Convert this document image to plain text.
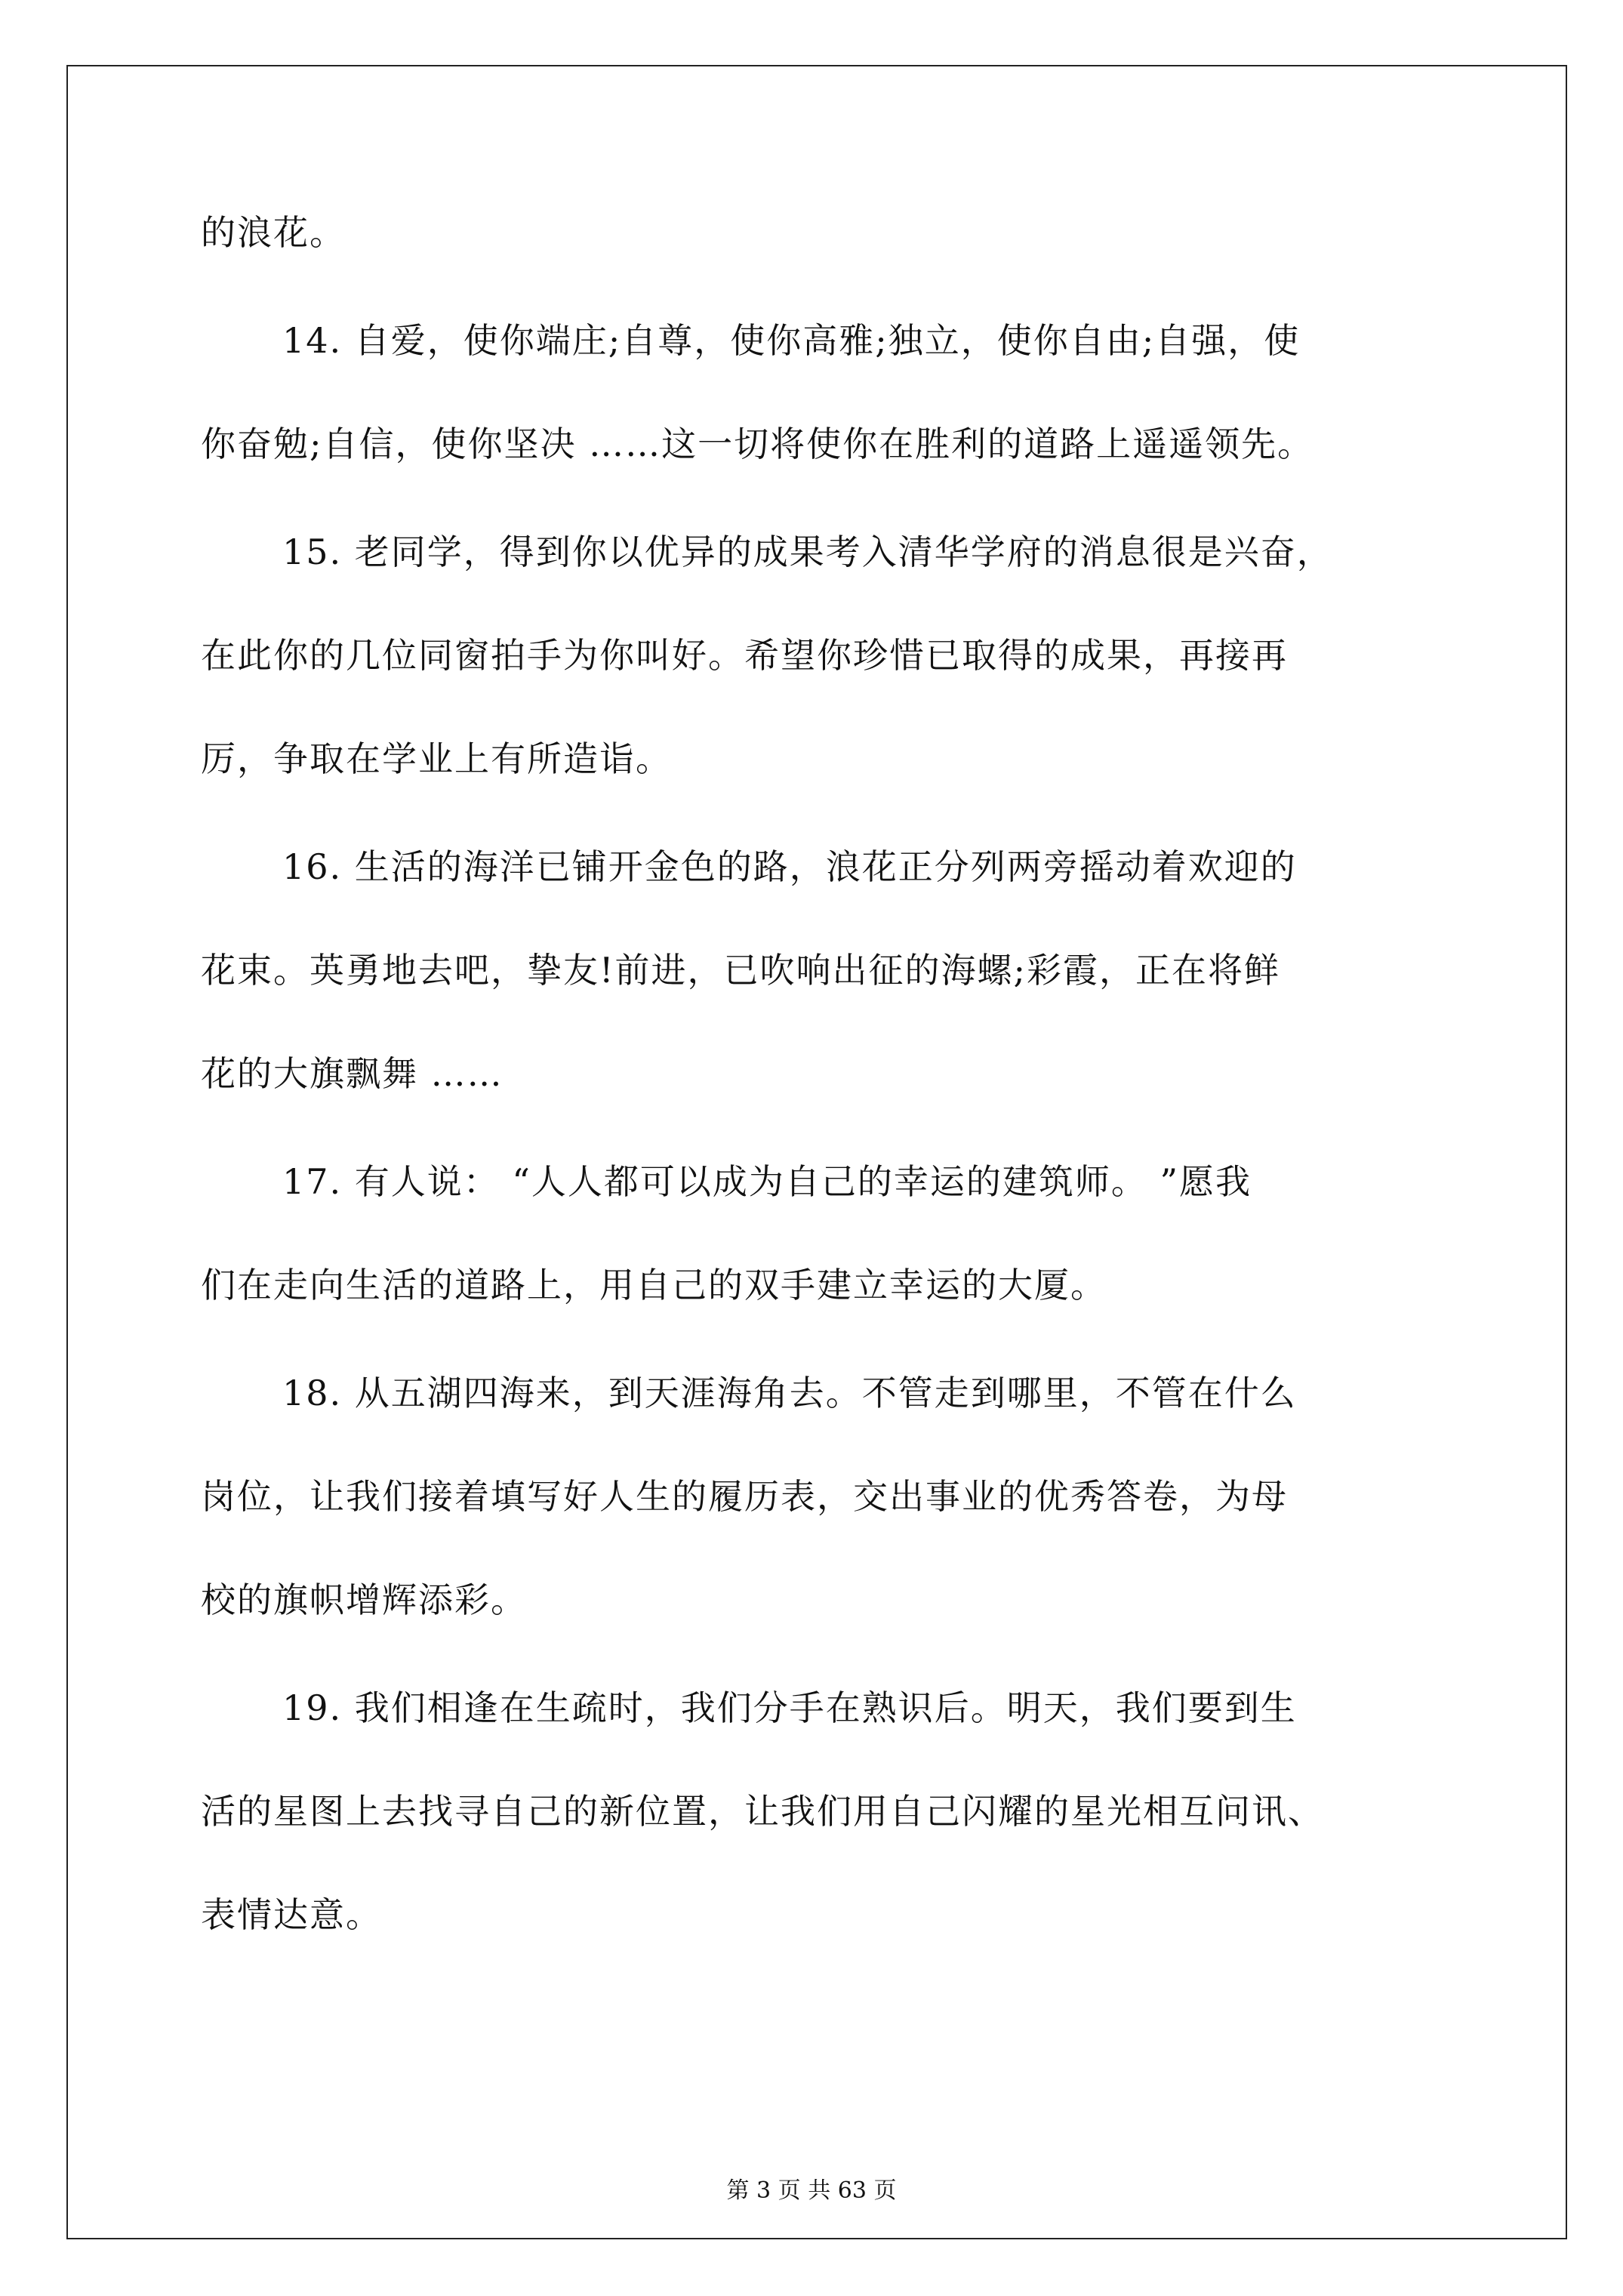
的浪花。

14. 自爱，使你端庄;自尊，使你高雅;独立，使你自由;自强，使
你奋勉;自信，使你坚决 ……这一切将使你在胜利的道路上遥遥领先。

15. 老同学，得到你以优异的成果考入清华学府的消息很是兴奋，
在此你的几位同窗拍手为你叫好。希望你珍惜已取得的成果，再接再
厉，争取在学业上有所造诣。

16. 生活的海洋已铺开金色的路，浪花正分列两旁摇动着欢迎的
花束。英勇地去吧，挚友!前进，已吹响出征的海螺;彩霞，正在将鲜
花的大旗飘舞 ……

17. 有人说： “人人都可以成为自己的幸运的建筑师。 ”愿我
们在走向生活的道路上，用自己的双手建立幸运的大厦。

18. 从五湖四海来，到天涯海角去。不管走到哪里，不管在什么
岗位，让我们接着填写好人生的履历表，交出事业的优秀答卷，为母
校的旗帜增辉添彩。

19. 我们相逢在生疏时，我们分手在熟识后。明天，我们要到生
活的星图上去找寻自己的新位置，让我们用自己闪耀的星光相互问讯、
表情达意。

第 3 页 共 63 页
